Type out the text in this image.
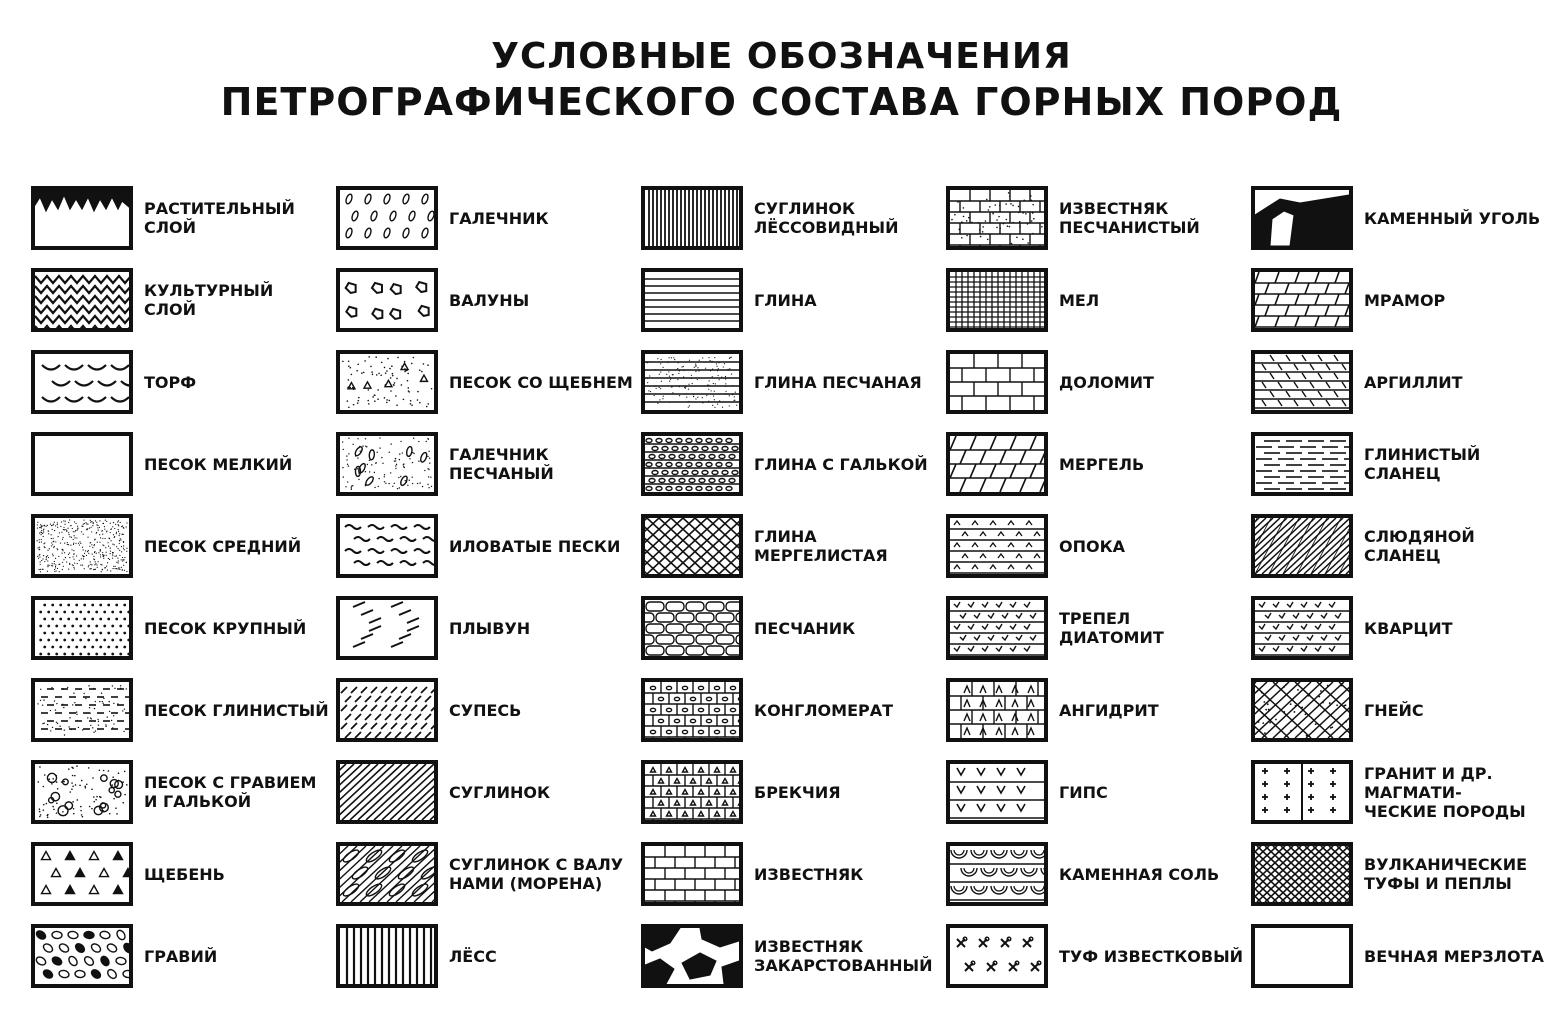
УСЛОВНЫЕ ОБОЗНАЧЕНИЯ
ПЕТРОГРАФИЧЕСКОГО СОСТАВА ГОРНЫХ ПОРОД
РАСТИТЕЛЬНЫЙ
СЛОЙ
КУЛЬТУРНЫЙ СЛОЙ
ТОРФ
ПЕСОК МЕЛКИЙ
ПЕСОК СРЕДНИЙ
ПЕСОК КРУПНЫЙ
ПЕСОК ГЛИНИСТЫЙ
ПЕСОК С ГРАВИЕМ
И ГАЛЬКОЙ
ЩЕБЕНЬ
ГРАВИЙ
ГАЛЕЧНИК
ВАЛУНЫ
ПЕСОК СО ЩЕБНЕМ
ГАЛЕЧНИК
ПЕСЧАНЫЙ
ИЛОВАТЫЕ ПЕСКИ
ПЛЫВУН
СУПЕСЬ
СУГЛИНОК
СУГЛИНОК С ВАЛУ
НАМИ (МОРЕНА)
ЛЁСС
СУГЛИНОК
ЛЁССОВИДНЫЙ
ГЛИНА
ГЛИНА ПЕСЧАНАЯ
ГЛИНА С ГАЛЬКОЙ
ГЛИНА
МЕРГЕЛИСТАЯ
ПЕСЧАНИК
КОНГЛОМЕРАТ
БРЕКЧИЯ
ИЗВЕСТНЯК
ИЗВЕСТНЯК
ЗАКАРСТОВАННЫЙ
ИЗВЕСТНЯК
ПЕСЧАНИСТЫЙ
МЕЛ
ДОЛОМИТ
МЕРГЕЛЬ
ОПОКА
ТРЕПЕЛ
ДИАТОМИТ
АНГИДРИТ
ГИПС
КАМЕННАЯ СОЛЬ
ТУФ ИЗВЕСТКОВЫЙ
КАМЕННЫЙ УГОЛЬ
МРАМОР
АРГИЛЛИТ
ГЛИНИСТЫЙ СЛАНЕЦ
СЛЮДЯНОЙ СЛАНЕЦ
КВАРЦИТ
ГНЕЙС
ГРАНИТ И ДР. МАГМАТИ-
ЧЕСКИЕ ПОРОДЫ
ВУЛКАНИЧЕСКИЕ
ТУФЫ И ПЕПЛЫ
ВЕЧНАЯ МЕРЗЛОТА
